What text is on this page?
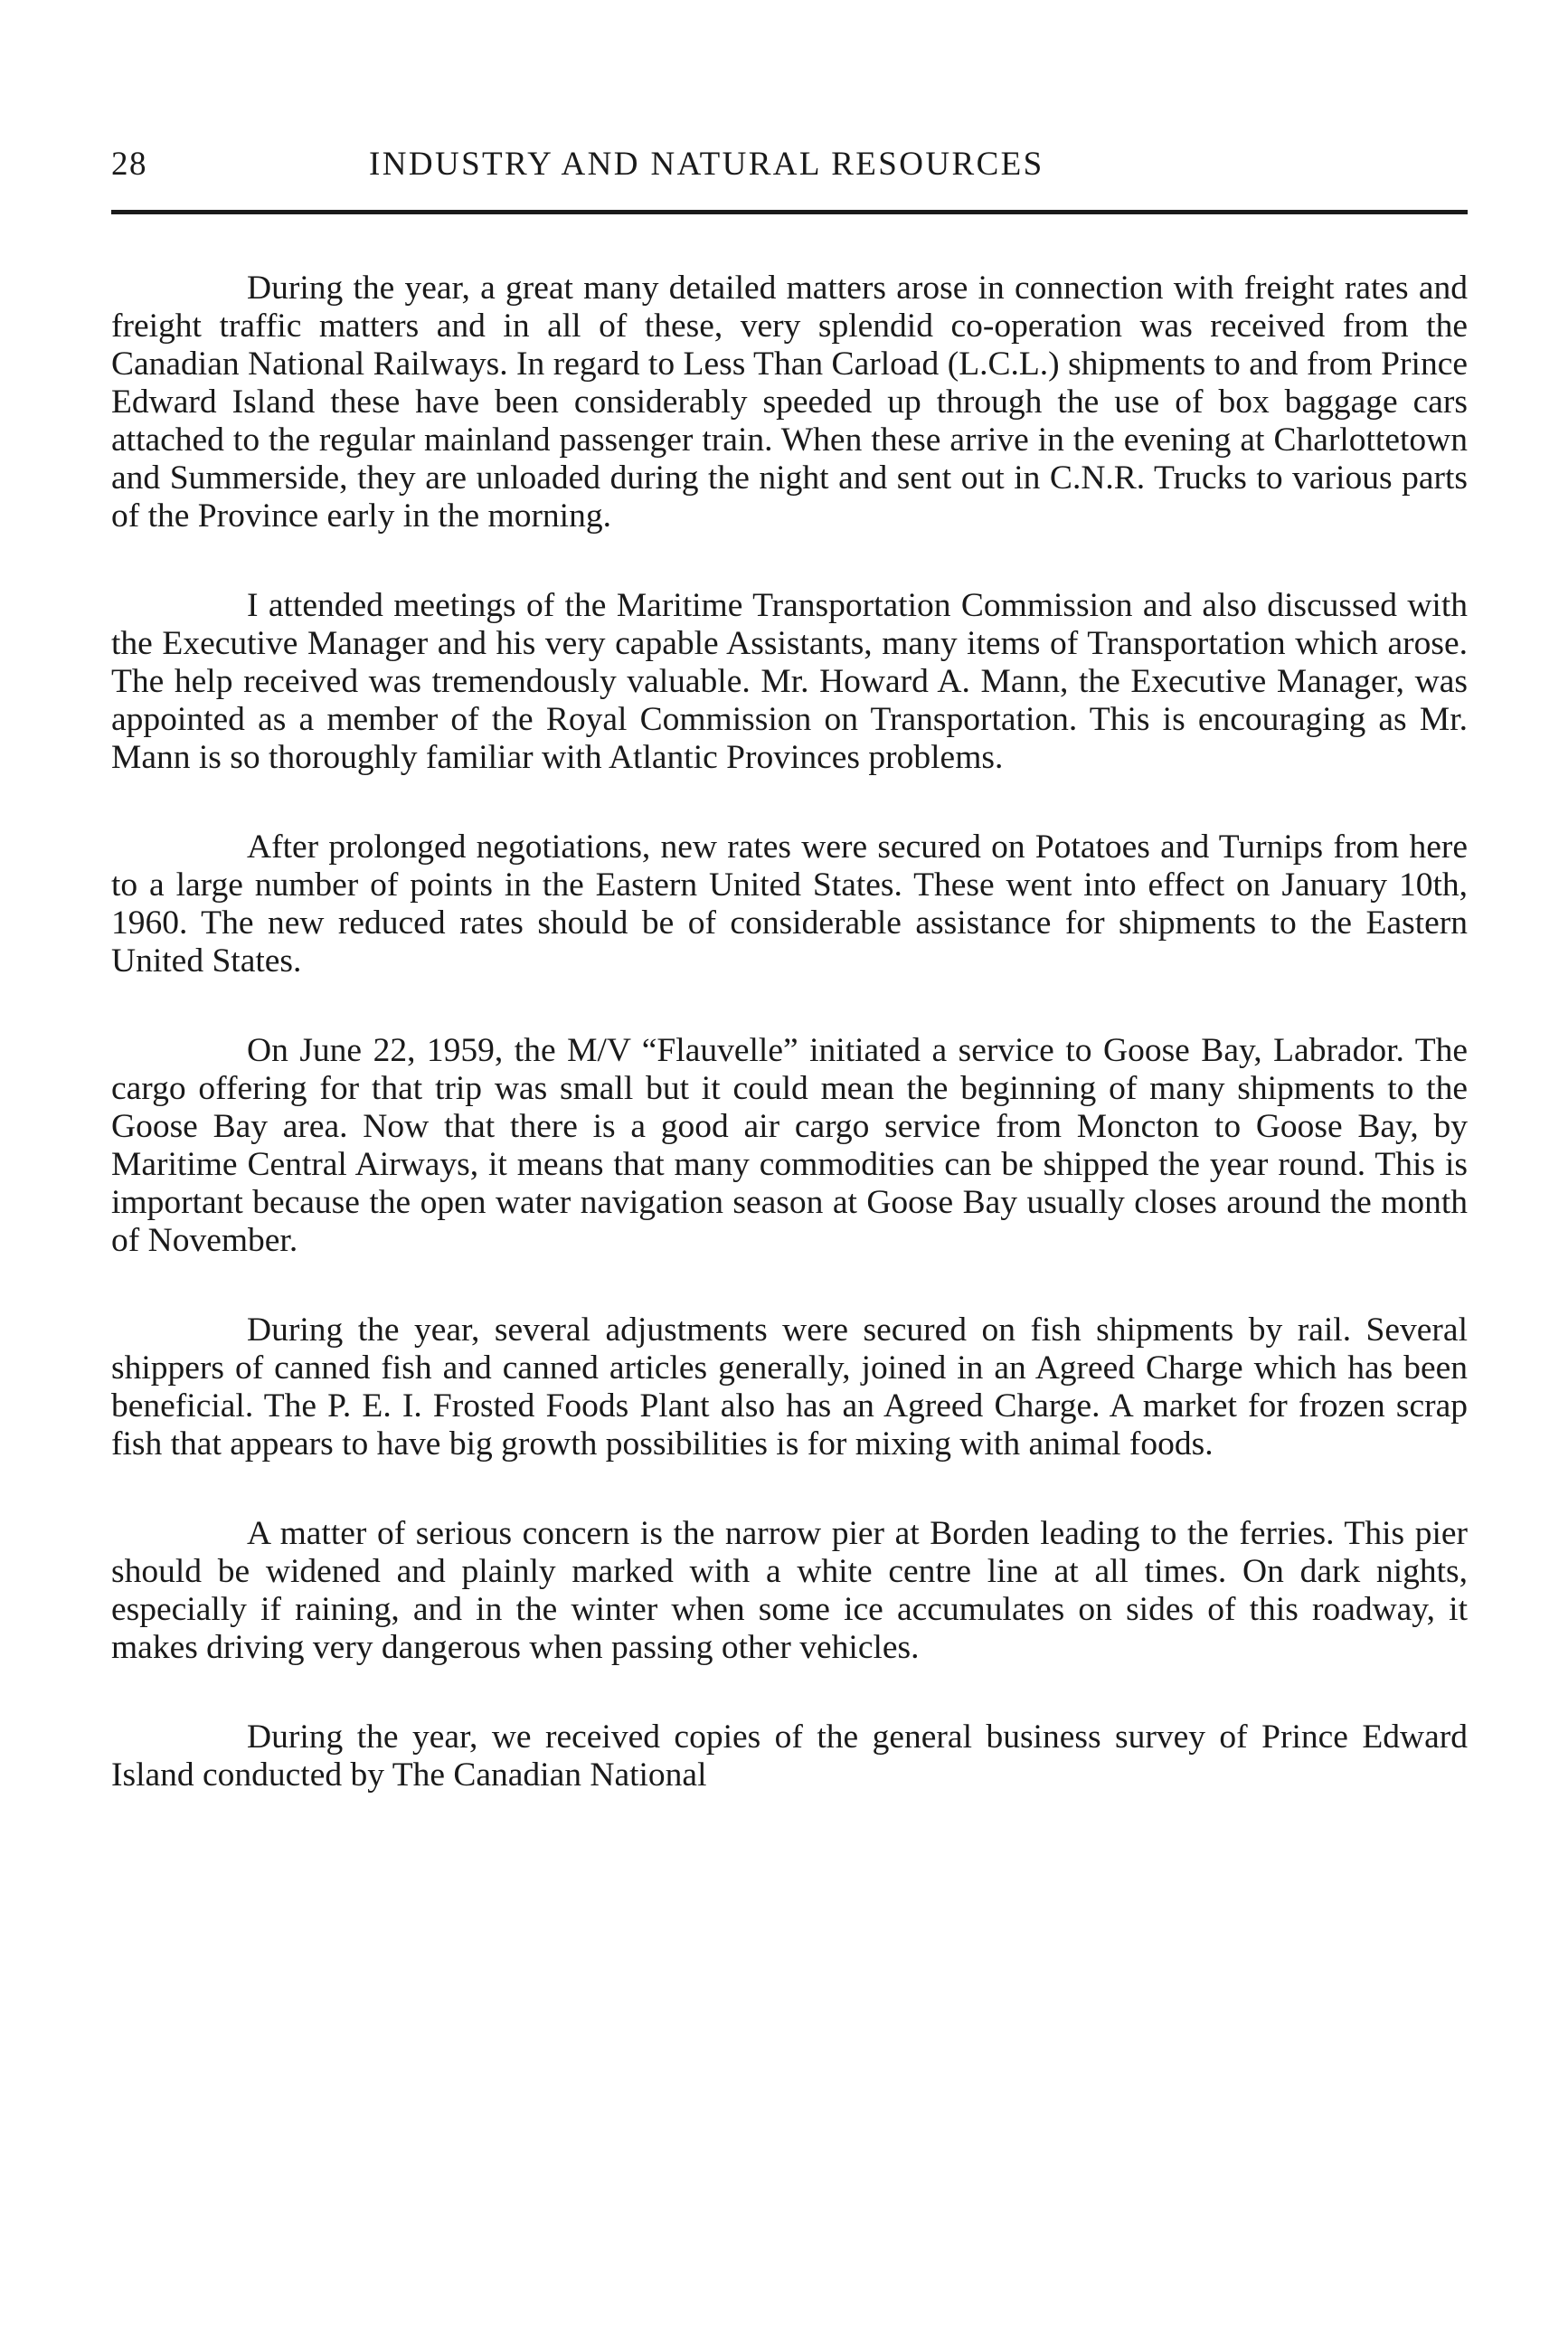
28	INDUSTRY AND NATURAL RESOURCES

During the year, a great many detailed matters arose in connection with freight rates and freight traffic matters and in all of these, very splendid co-operation was received from the Canadian National Railways. In regard to Less Than Carload (L.C.L.) shipments to and from Prince Edward Island these have been considerably speeded up through the use of box baggage cars attached to the regular mainland passenger train. When these arrive in the evening at Charlottetown and Summerside, they are unloaded during the night and sent out in C.N.R. Trucks to various parts of the Province early in the morning.

I attended meetings of the Maritime Transportation Commission and also discussed with the Executive Manager and his very capable Assistants, many items of Transportation which arose. The help received was tremendously valuable. Mr. Howard A. Mann, the Executive Manager, was appointed as a member of the Royal Commission on Transportation. This is encouraging as Mr. Mann is so thoroughly familiar with Atlantic Provinces problems.

After prolonged negotiations, new rates were secured on Potatoes and Turnips from here to a large number of points in the Eastern United States. These went into effect on January 10th, 1960. The new reduced rates should be of considerable assistance for shipments to the Eastern United States.

On June 22, 1959, the M/V “Flauvelle” initiated a service to Goose Bay, Labrador. The cargo offering for that trip was small but it could mean the beginning of many shipments to the Goose Bay area. Now that there is a good air cargo service from Moncton to Goose Bay, by Maritime Central Airways, it means that many commodities can be shipped the year round. This is important because the open water navigation season at Goose Bay usually closes around the month of November.

During the year, several adjustments were secured on fish shipments by rail. Several shippers of canned fish and canned articles generally, joined in an Agreed Charge which has been beneficial. The P. E. I. Frosted Foods Plant also has an Agreed Charge. A market for frozen scrap fish that appears to have big growth possibilities is for mixing with animal foods.

A matter of serious concern is the narrow pier at Borden leading to the ferries. This pier should be widened and plainly marked with a white centre line at all times. On dark nights, especially if raining, and in the winter when some ice accumulates on sides of this roadway, it makes driving very dangerous when passing other vehicles.

During the year, we received copies of the general business survey of Prince Edward Island conducted by The Canadian National
